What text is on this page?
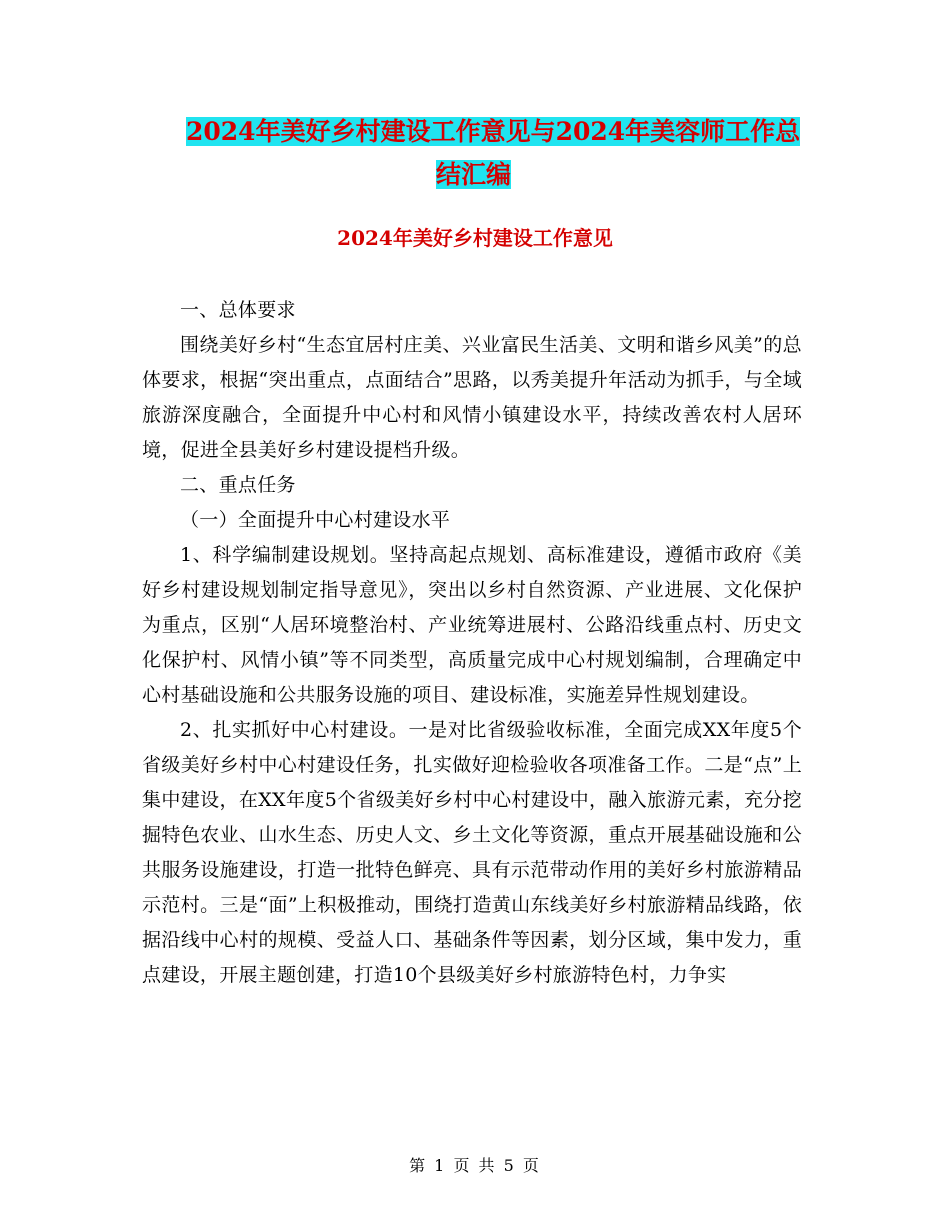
2024年美好乡村建设工作意见与2024年美容师工作总
结汇编
2024年美好乡村建设工作意见

一、总体要求

围绕美好乡村“生态宜居村庄美、兴业富民生活美、文明和谐乡风美”的总体要求，根据“突出重点，点面结合”思路，以秀美提升年活动为抓手，与全域旅游深度融合，全面提升中心村和风情小镇建设水平，持续改善农村人居环境，促进全县美好乡村建设提档升级。

二、重点任务

（一）全面提升中心村建设水平

1、科学编制建设规划。坚持高起点规划、高标准建设，遵循市政府《美好乡村建设规划制定指导意见》，突出以乡村自然资源、产业进展、文化保护为重点，区别“人居环境整治村、产业统筹进展村、公路沿线重点村、历史文化保护村、风情小镇”等不同类型，高质量完成中心村规划编制，合理确定中心村基础设施和公共服务设施的项目、建设标准，实施差异性规划建设。

2、扎实抓好中心村建设。一是对比省级验收标准，全面完成XX年度5个省级美好乡村中心村建设任务，扎实做好迎检验收各项准备工作。二是“点”上集中建设，在XX年度5个省级美好乡村中心村建设中，融入旅游元素，充分挖掘特色农业、山水生态、历史人文、乡土文化等资源，重点开展基础设施和公共服务设施建设，打造一批特色鲜亮、具有示范带动作用的美好乡村旅游精品示范村。三是“面”上积极推动，围绕打造黄山东线美好乡村旅游精品线路，依据沿线中心村的规模、受益人口、基础条件等因素，划分区域，集中发力，重点建设，开展主题创建，打造10个县级美好乡村旅游特色村，力争实

第 1 页 共 5 页
